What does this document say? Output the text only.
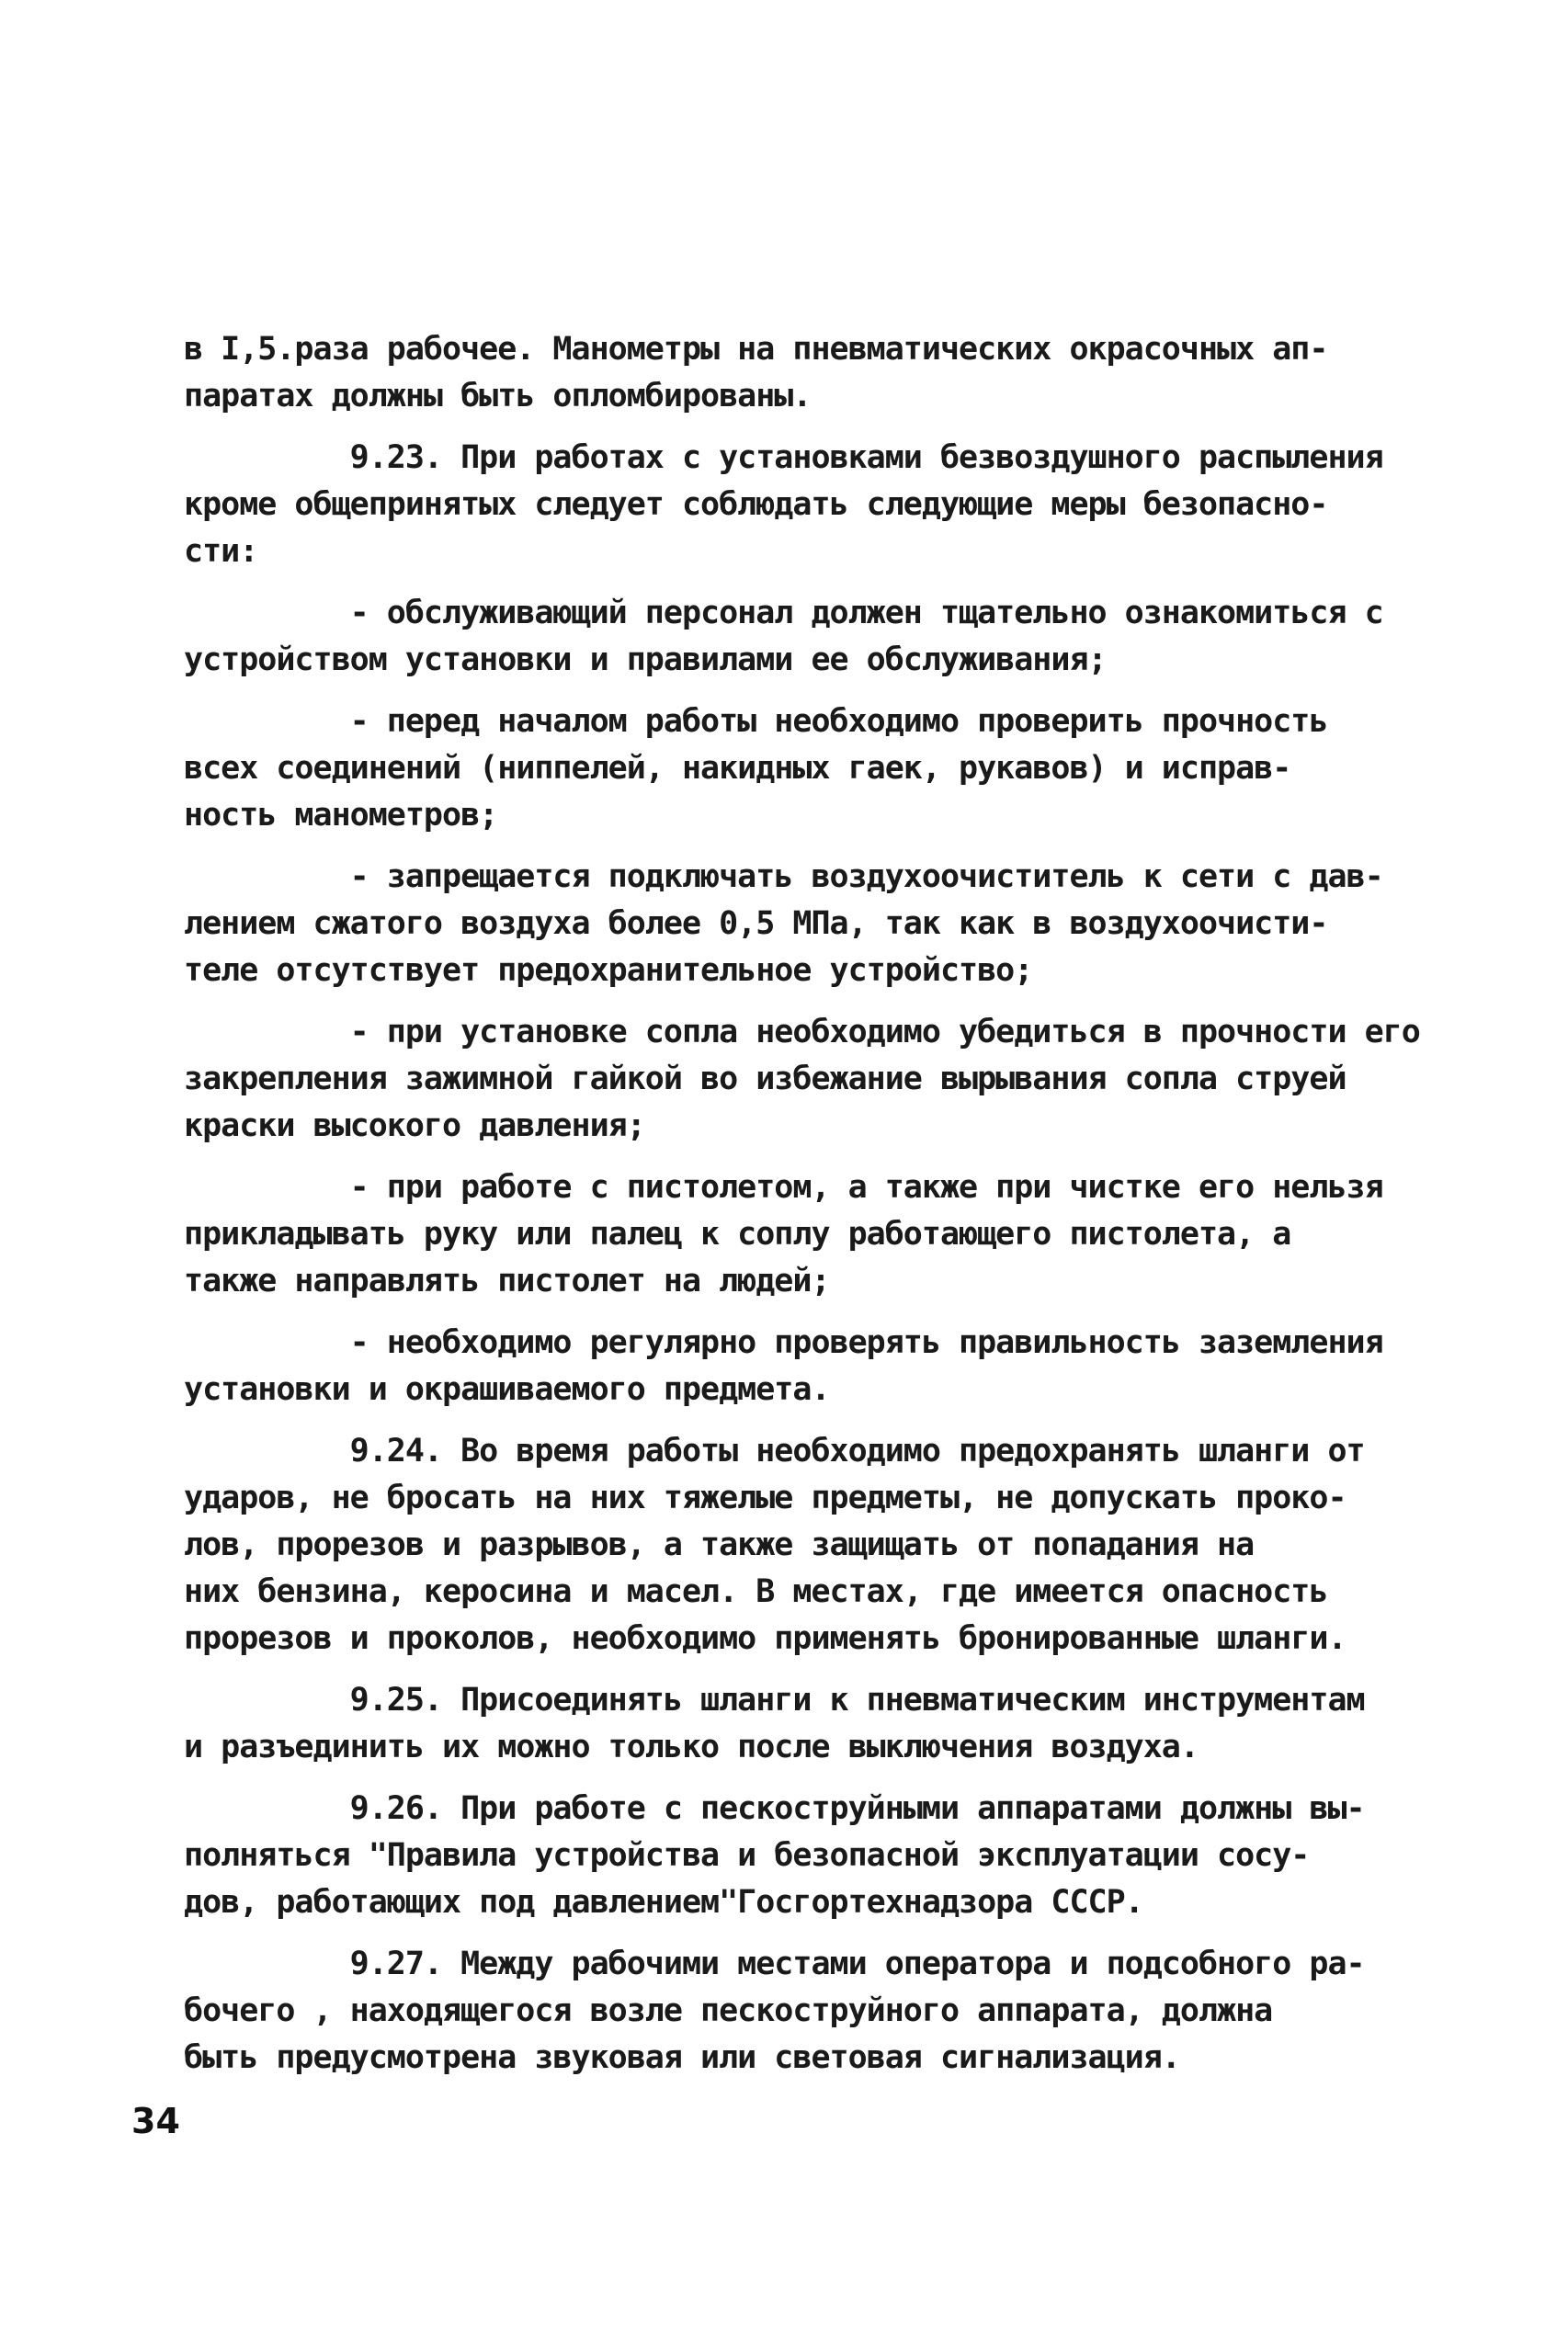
в I,5.раза рабочее. Манометры на пневматических окрасочных ап-
паратах должны быть опломбированы.
9.23. При работах с установками безвоздушного распыления
кроме общепринятых следует соблюдать следующие меры безопасно-
сти:
- обслуживающий персонал должен тщательно ознакомиться с
устройством установки и правилами ее обслуживания;
- перед началом работы необходимо проверить прочность
всех соединений (ниппелей, накидных гаек, рукавов) и исправ-
ность манометров;
- запрещается подключать воздухоочиститель к сети с дав-
лением сжатого воздуха более 0,5 МПа, так как в воздухоочисти-
теле отсутствует предохранительное устройство;
- при установке сопла необходимо убедиться в прочности его
закрепления зажимной гайкой во избежание вырывания сопла струей
краски высокого давления;
- при работе с пистолетом, а также при чистке его нельзя
прикладывать руку или палец к соплу работающего пистолета, а
также направлять пистолет на людей;
- необходимо регулярно проверять правильность заземления
установки и окрашиваемого предмета.
9.24. Во время работы необходимо предохранять шланги от
ударов, не бросать на них тяжелые предметы, не допускать проко-
лов, прорезов и разрывов, а также защищать от попадания на
них бензина, керосина и масел. В местах, где имеется опасность
прорезов и проколов, необходимо применять бронированные шланги.
9.25. Присоединять шланги к пневматическим инструментам
и разъединить их можно только после выключения воздуха.
9.26. При работе с пескоструйными аппаратами должны вы-
полняться "Правила устройства и безопасной эксплуатации сосу-
дов, работающих под давлением"Госгортехнадзора СССР.
9.27. Между рабочими местами оператора и подсобного ра-
бочего , находящегося возле пескоструйного аппарата, должна
быть предусмотрена звуковая или световая сигнализация.
34
